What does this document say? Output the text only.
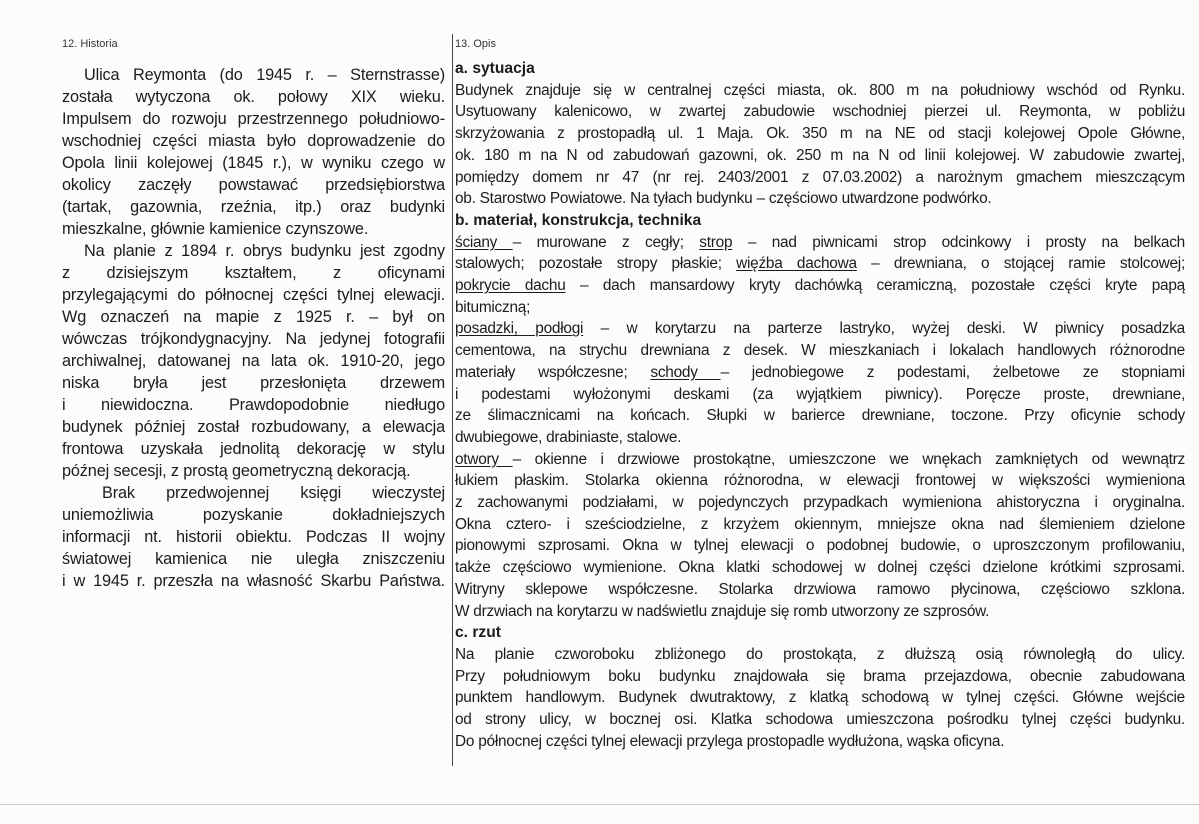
12. Historia	13. Opis
Ulica Reymonta (do 1945 r. – Sternstrasse)
została wytyczona ok. połowy XIX wieku.
Impulsem do rozwoju przestrzennego południowo-
wschodniej części miasta było doprowadzenie do
Opola linii kolejowej (1845 r.), w wyniku czego w
okolicy zaczęły powstawać przedsiębiorstwa
(tartak, gazownia, rzeźnia, itp.) oraz budynki
mieszkalne, głównie kamienice czynszowe.
Na planie z 1894 r. obrys budynku jest zgodny
z dzisiejszym kształtem, z oficynami
przylegającymi do północnej części tylnej elewacji.
Wg oznaczeń na mapie z 1925 r. – był on
wówczas trójkondygnacyjny. Na jedynej fotografii
archiwalnej, datowanej na lata ok. 1910-20, jego
niska bryła jest przesłonięta drzewem
i niewidoczna. Prawdopodobnie niedługo
budynek później został rozbudowany, a elewacja
frontowa uzyskała jednolitą dekorację w stylu
późnej secesji, z prostą geometryczną dekoracją.
Brak przedwojennej księgi wieczystej
uniemożliwia pozyskanie dokładniejszych
informacji nt. historii obiektu. Podczas II wojny
światowej kamienica nie uległa zniszczeniu
i w 1945 r. przeszła na własność Skarbu Państwa.
a. sytuacja
Budynek znajduje się w centralnej części miasta, ok. 800 m na południowy wschód od Rynku.
Usytuowany kalenicowo, w zwartej zabudowie wschodniej pierzei ul. Reymonta, w pobliżu
skrzyżowania z prostopadłą ul. 1 Maja. Ok. 350 m na NE od stacji kolejowej Opole Główne,
ok. 180 m na N od zabudowań gazowni, ok. 250 m na N od linii kolejowej. W zabudowie zwartej,
pomiędzy domem nr 47 (nr rej. 2403/2001 z 07.03.2002) a narożnym gmachem mieszczącym
ob. Starostwo Powiatowe. Na tyłach budynku – częściowo utwardzone podwórko.
b. materiał, konstrukcja, technika
ściany – murowane z cegły; strop – nad piwnicami strop odcinkowy i prosty na belkach
stalowych; pozostałe stropy płaskie; więźba dachowa – drewniana, o stojącej ramie stolcowej;
pokrycie dachu – dach mansardowy kryty dachówką ceramiczną, pozostałe części kryte papą
bitumiczną;
posadzki, podłogi – w korytarzu na parterze lastryko, wyżej deski. W piwnicy posadzka
cementowa, na strychu drewniana z desek. W mieszkaniach i lokalach handlowych różnorodne
materiały współczesne; schody – jednobiegowe z podestami, żelbetowe ze stopniami
i podestami wyłożonymi deskami (za wyjątkiem piwnicy). Poręcze proste, drewniane,
ze ślimacznicami na końcach. Słupki w barierce drewniane, toczone. Przy oficynie schody
dwubiegowe, drabiniaste, stalowe.
otwory – okienne i drzwiowe prostokątne, umieszczone we wnękach zamkniętych od wewnątrz
łukiem płaskim. Stolarka okienna różnorodna, w elewacji frontowej w większości wymieniona
z zachowanymi podziałami, w pojedynczych przypadkach wymieniona ahistoryczna i oryginalna.
Okna cztero- i sześciodzielne, z krzyżem okiennym, mniejsze okna nad ślemieniem dzielone
pionowymi szprosami. Okna w tylnej elewacji o podobnej budowie, o uproszczonym profilowaniu,
także częściowo wymienione. Okna klatki schodowej w dolnej części dzielone krótkimi szprosami.
Witryny sklepowe współczesne. Stolarka drzwiowa ramowo płycinowa, częściowo szklona.
W drzwiach na korytarzu w nadświetlu znajduje się romb utworzony ze szprosów.
c. rzut
Na planie czworoboku zbliżonego do prostokąta, z dłuższą osią równoległą do ulicy.
Przy południowym boku budynku znajdowała się brama przejazdowa, obecnie zabudowana
punktem handlowym. Budynek dwutraktowy, z klatką schodową w tylnej części. Główne wejście
od strony ulicy, w bocznej osi. Klatka schodowa umieszczona pośrodku tylnej części budynku.
Do północnej części tylnej elewacji przylega prostopadle wydłużona, wąska oficyna.
